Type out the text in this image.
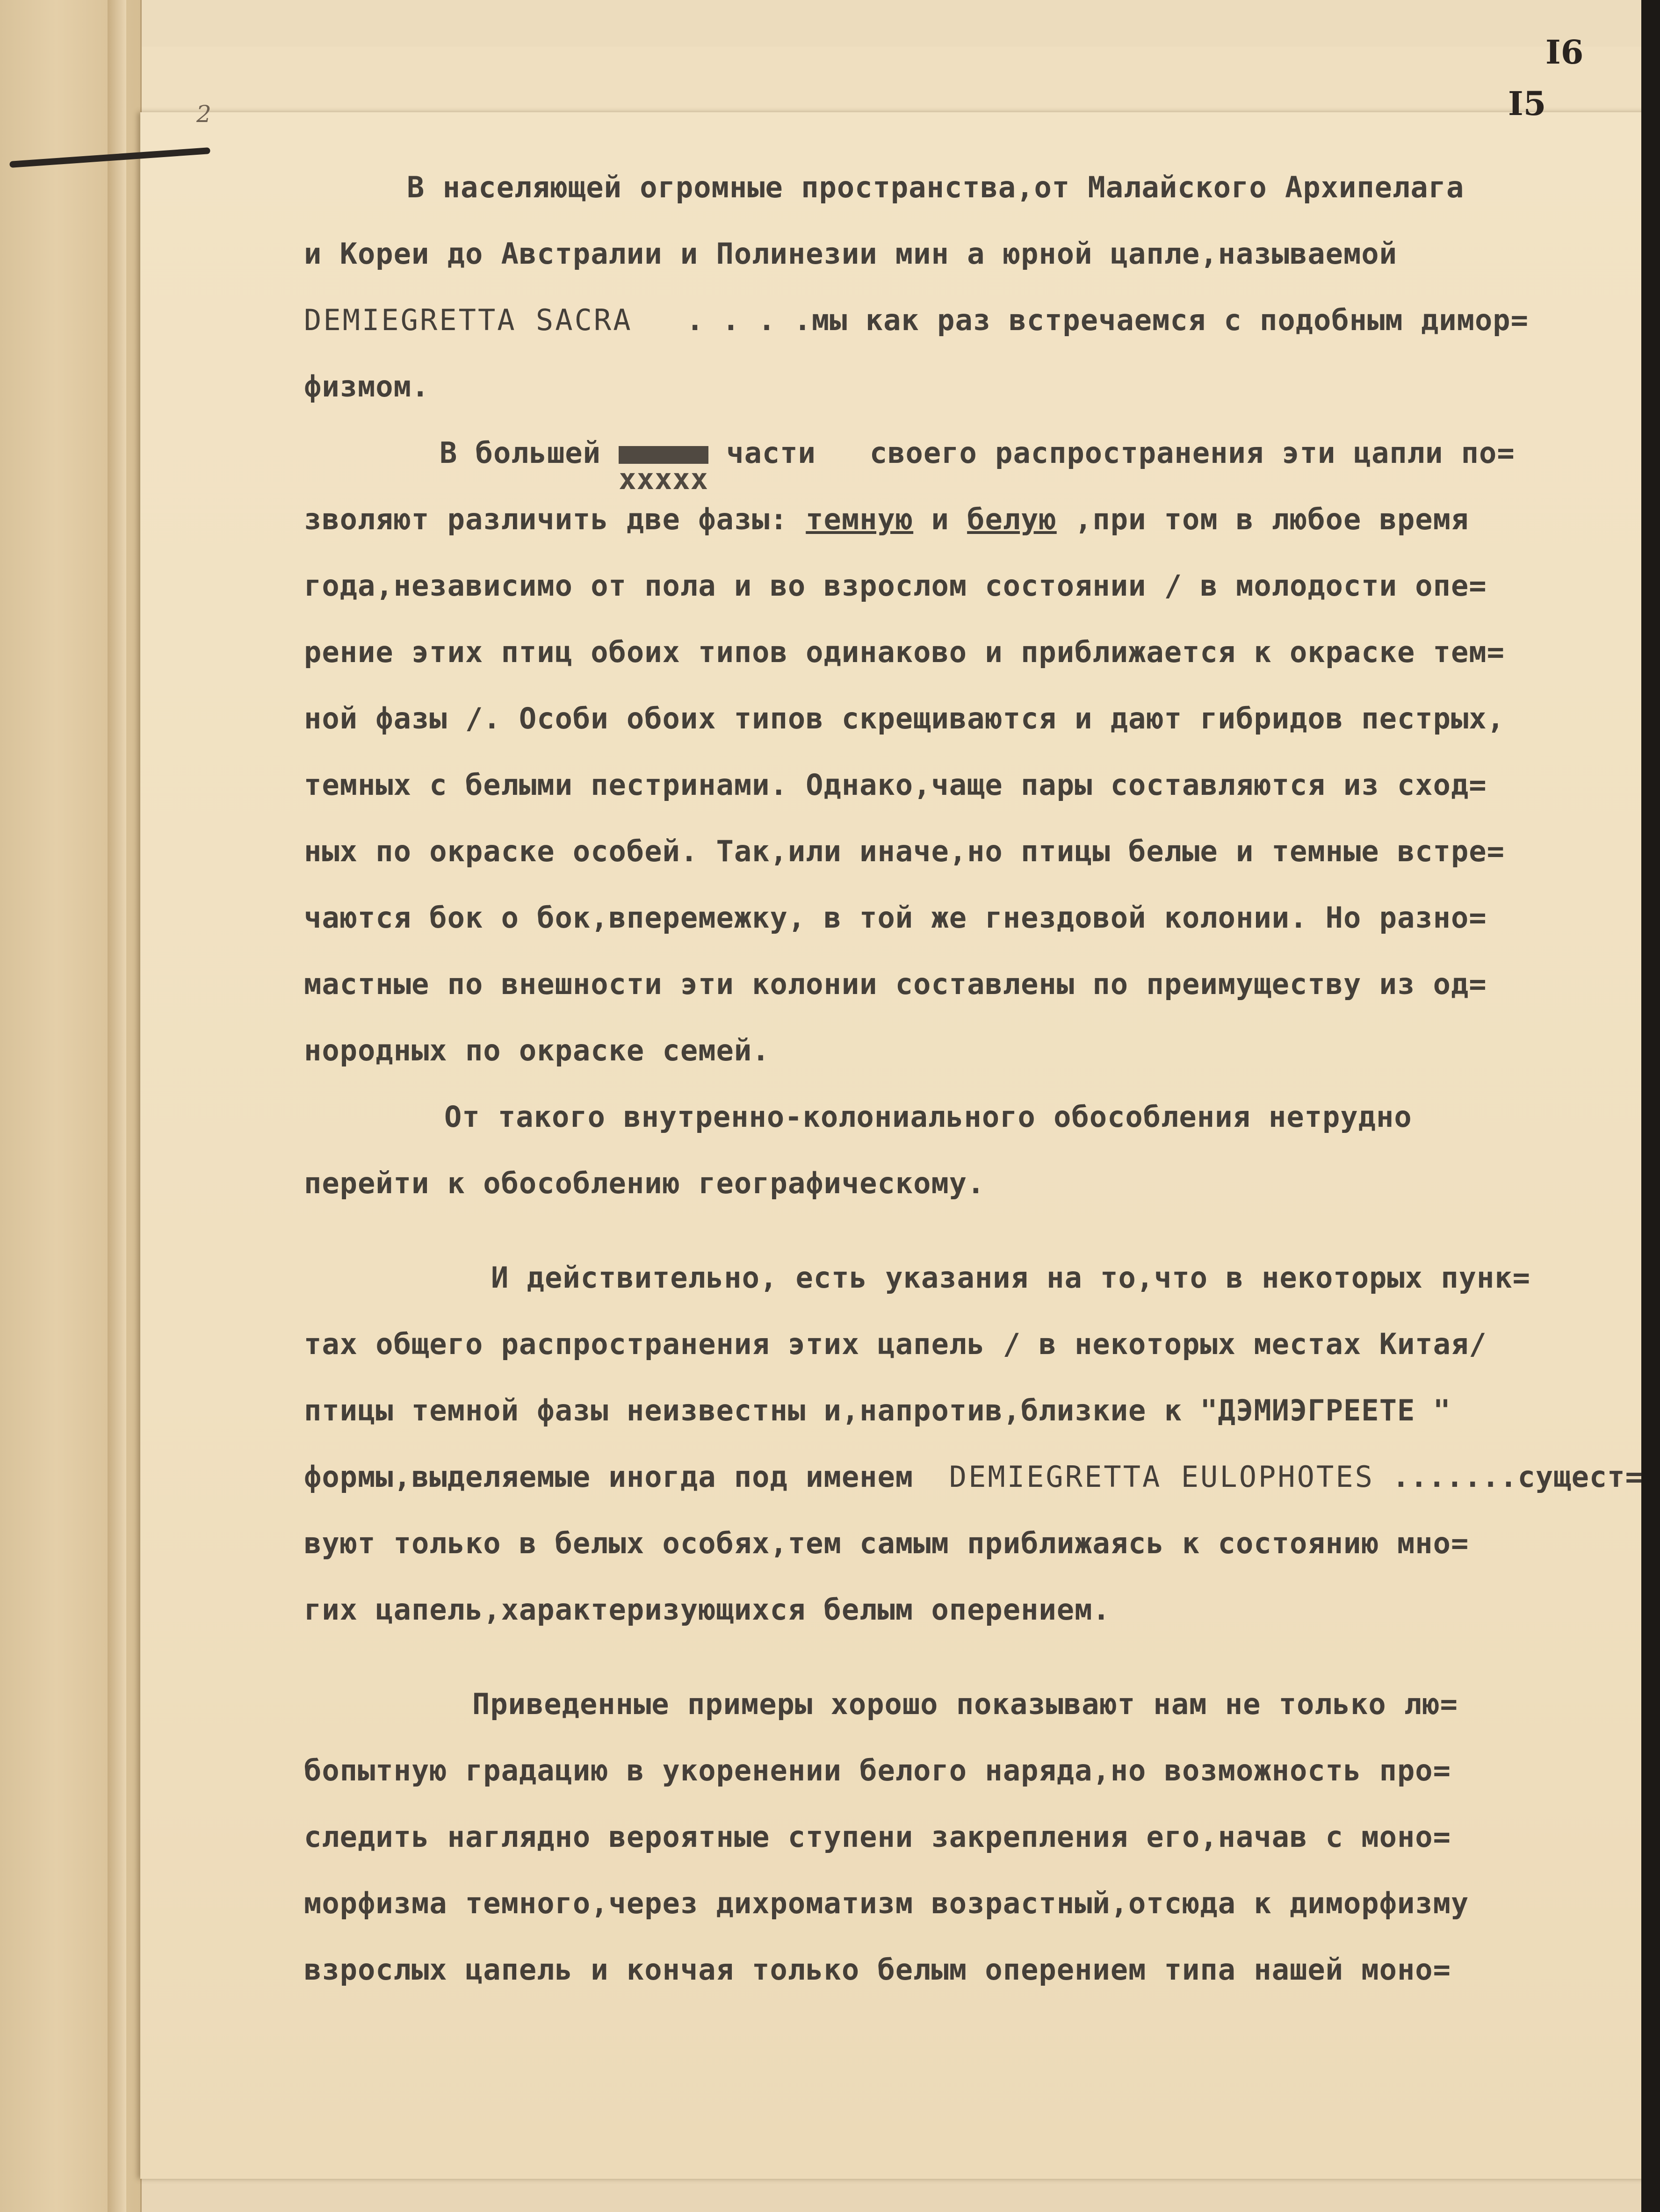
I6
I5
2
В населяющей огромные пространства,от Малайского Архипелага
и Кореи до Австралии и Полинезии мин а юрной цапле,называемой
DEMIEGRETTA SACRA   . . . .мы как раз встречаемся с подобным димор=
физмом.
В большей xxxxx части   своего распространения эти цапли по=
зволяют различить две фазы: темную и белую ,при том в любое время
года,независимо от пола и во взрослом состоянии / в молодости опе=
рение этих птиц обоих типов одинаково и приближается к окраске тем=
ной фазы /. Особи обоих типов скрещиваются и дают гибридов пестрых,
темных с белыми пестринами. Однако,чаще пары составляются из сход=
ных по окраске особей. Так,или иначе,но птицы белые и темные встре=
чаются бок о бок,вперемежку, в той же гнездовой колонии. Но разно=
мастные по внешности эти колонии составлены по преимуществу из од=
нородных по окраске семей.
От такого внутренно-колониального обособления нетрудно
перейти к обособлению географическому.
И действительно, есть указания на то,что в некоторых пунк=
тах общего распространения этих цапель / в некоторых местах Китая/
птицы темной фазы неизвестны и,напротив,близкие к "ДЭМИЭГРЕЕТЕ "
формы,выделяемые иногда под именем  DEMIEGRETTA EULOPHOTES .......сущест=
вуют только в белых особях,тем самым приближаясь к состоянию мно=
гих цапель,характеризующихся белым оперением.
Приведенные примеры хорошо показывают нам не только лю=
бопытную градацию в укоренении белого наряда,но возможность про=
следить наглядно вероятные ступени закрепления его,начав с моно=
морфизма темного,через дихроматизм возрастный,отсюда к диморфизму
взрослых цапель и кончая только белым оперением типа нашей моно=
